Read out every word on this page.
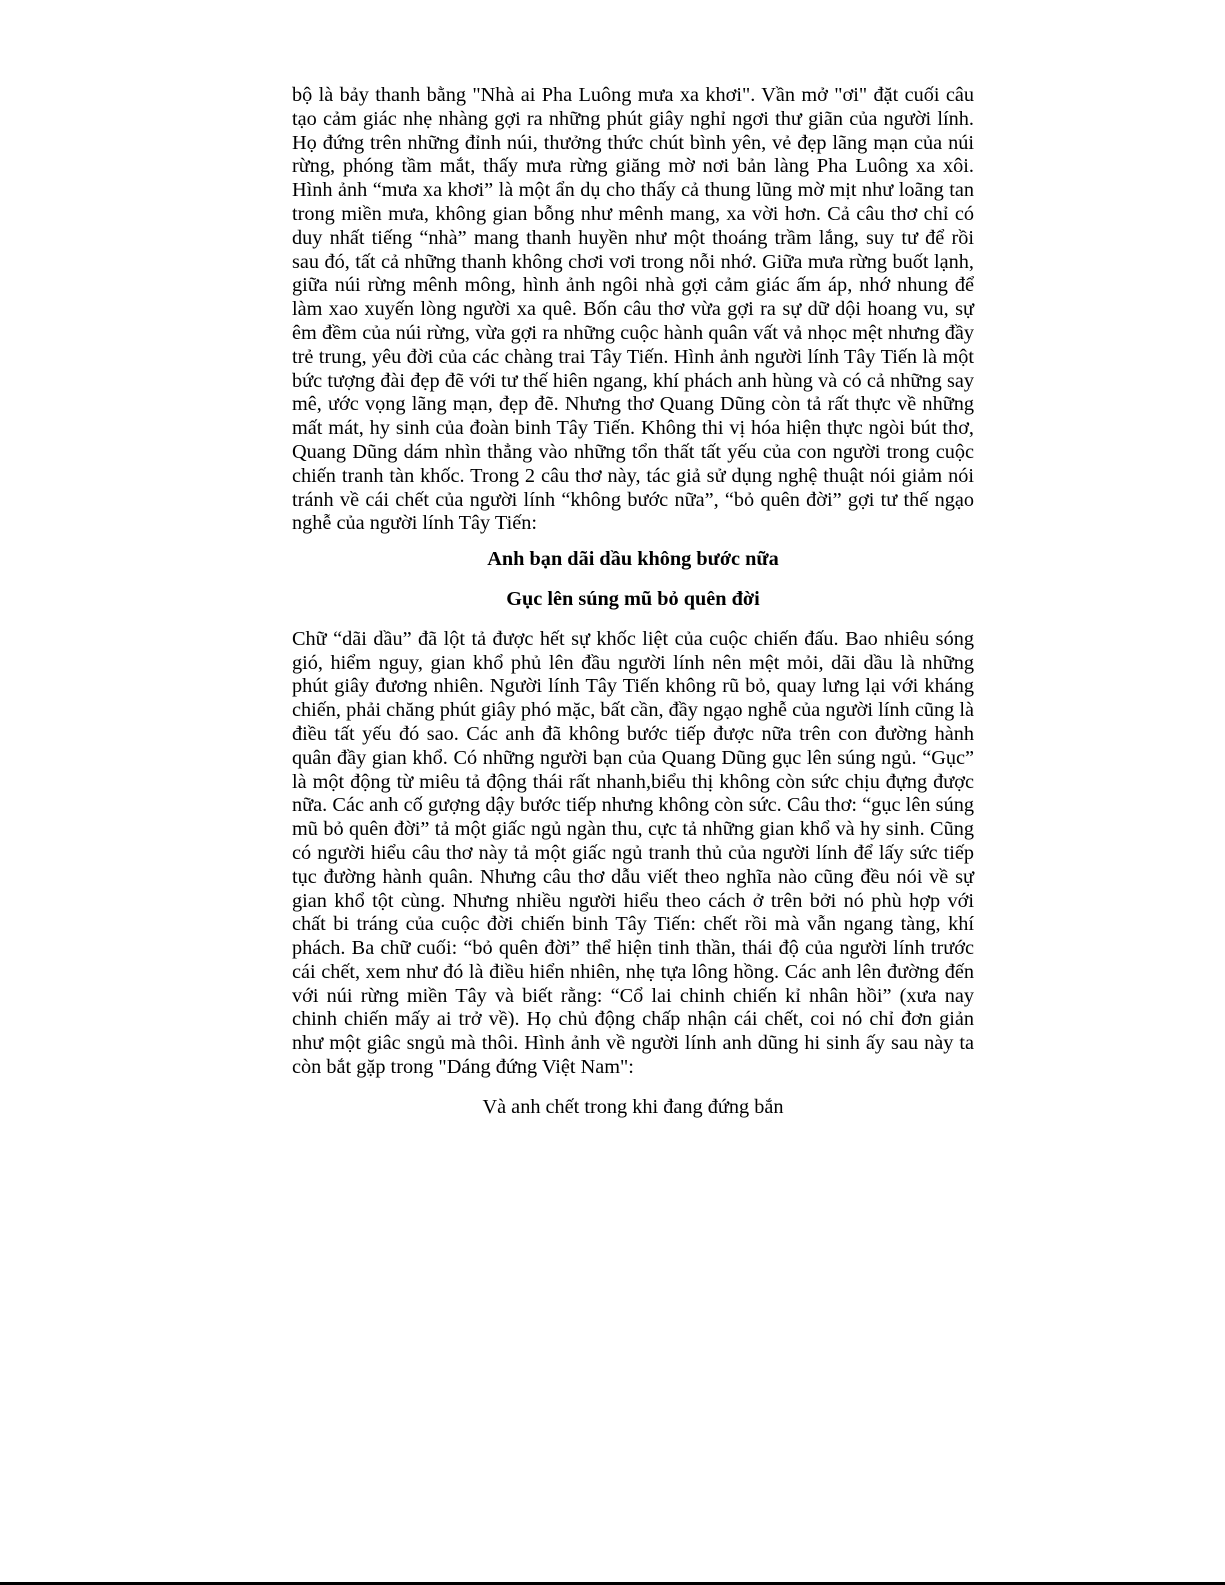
bộ là bảy thanh bằng "Nhà ai Pha Luông mưa xa khơi". Vần mở "ơi" đặt cuối câu tạo cảm giác nhẹ nhàng gợi ra những phút giây nghỉ ngơi thư giãn của người lính. Họ đứng trên những đỉnh núi, thưởng thức chút bình yên, vẻ đẹp lãng mạn của núi rừng, phóng tầm mắt, thấy mưa rừng giăng mờ nơi bản làng Pha Luông xa xôi. Hình ảnh “mưa xa khơi” là một ẩn dụ cho thấy cả thung lũng mờ mịt như loãng tan trong miền mưa, không gian bỗng như mênh mang, xa vời hơn. Cả câu thơ chỉ có duy nhất tiếng “nhà” mang thanh huyền như một thoáng trầm lắng, suy tư để rồi sau đó, tất cả những thanh không chơi vơi trong nỗi nhớ. Giữa mưa rừng buốt lạnh, giữa núi rừng mênh mông, hình ảnh ngôi nhà gợi cảm giác ấm áp, nhớ nhung để làm xao xuyến lòng người xa quê. Bốn câu thơ vừa gợi ra sự dữ dội hoang vu, sự êm đềm của núi rừng, vừa gợi ra những cuộc hành quân vất vả nhọc mệt nhưng đầy trẻ trung, yêu đời của các chàng trai Tây Tiến. Hình ảnh người lính Tây Tiến là một bức tượng đài đẹp đẽ với tư thế hiên ngang, khí phách anh hùng và có cả những say mê, ước vọng lãng mạn, đẹp đẽ. Nhưng thơ Quang Dũng còn tả rất thực về những mất mát, hy sinh của đoàn binh Tây Tiến. Không thi vị hóa hiện thực ngòi bút thơ, Quang Dũng dám nhìn thẳng vào những tổn thất tất yếu của con người trong cuộc chiến tranh tàn khốc. Trong 2 câu thơ này, tác giả sử dụng nghệ thuật nói giảm nói tránh về cái chết của người lính “không bước nữa”, “bỏ quên đời” gợi tư thế ngạo nghễ của người lính Tây Tiến:

Anh bạn dãi dầu không bước nữa

Gục lên súng mũ bỏ quên đời

Chữ “dãi dầu” đã lột tả được hết sự khốc liệt của cuộc chiến đấu. Bao nhiêu sóng gió, hiểm nguy, gian khổ phủ lên đầu người lính nên mệt mỏi, dãi dầu là những phút giây đương nhiên. Người lính Tây Tiến không rũ bỏ, quay lưng lại với kháng chiến, phải chăng phút giây phó mặc, bất cần, đầy ngạo nghễ của người lính cũng là điều tất yếu đó sao. Các anh đã không bước tiếp được nữa trên con đường hành quân đầy gian khổ. Có những người bạn của Quang Dũng gục lên súng ngủ. “Gục” là một động từ miêu tả động thái rất nhanh,biểu thị không còn sức chịu đựng được nữa. Các anh cố gượng dậy bước tiếp nhưng không còn sức. Câu thơ: “gục lên súng mũ bỏ quên đời” tả một giấc ngủ ngàn thu, cực tả những gian khổ và hy sinh. Cũng có người hiểu câu thơ này tả một giấc ngủ tranh thủ của người lính để lấy sức tiếp tục đường hành quân. Nhưng câu thơ dẫu viết theo nghĩa nào cũng đều nói về sự gian khổ tột cùng. Nhưng nhiều người hiểu theo cách ở trên bởi nó phù hợp với chất bi tráng của cuộc đời chiến binh Tây Tiến: chết rồi mà vẫn ngang tàng, khí phách. Ba chữ cuối: “bỏ quên đời” thể hiện tinh thần, thái độ của người lính trước cái chết, xem như đó là điều hiển nhiên, nhẹ tựa lông hồng. Các anh lên đường đến với núi rừng miền Tây và biết rằng: “Cổ lai chinh chiến kỉ nhân hồi” (xưa nay chinh chiến mấy ai trở về). Họ chủ động chấp nhận cái chết, coi nó chỉ đơn giản như một giâc sngủ mà thôi. Hình ảnh về người lính anh dũng hi sinh ấy sau này ta còn bắt gặp trong "Dáng đứng Việt Nam":

Và anh chết trong khi đang đứng bắn
